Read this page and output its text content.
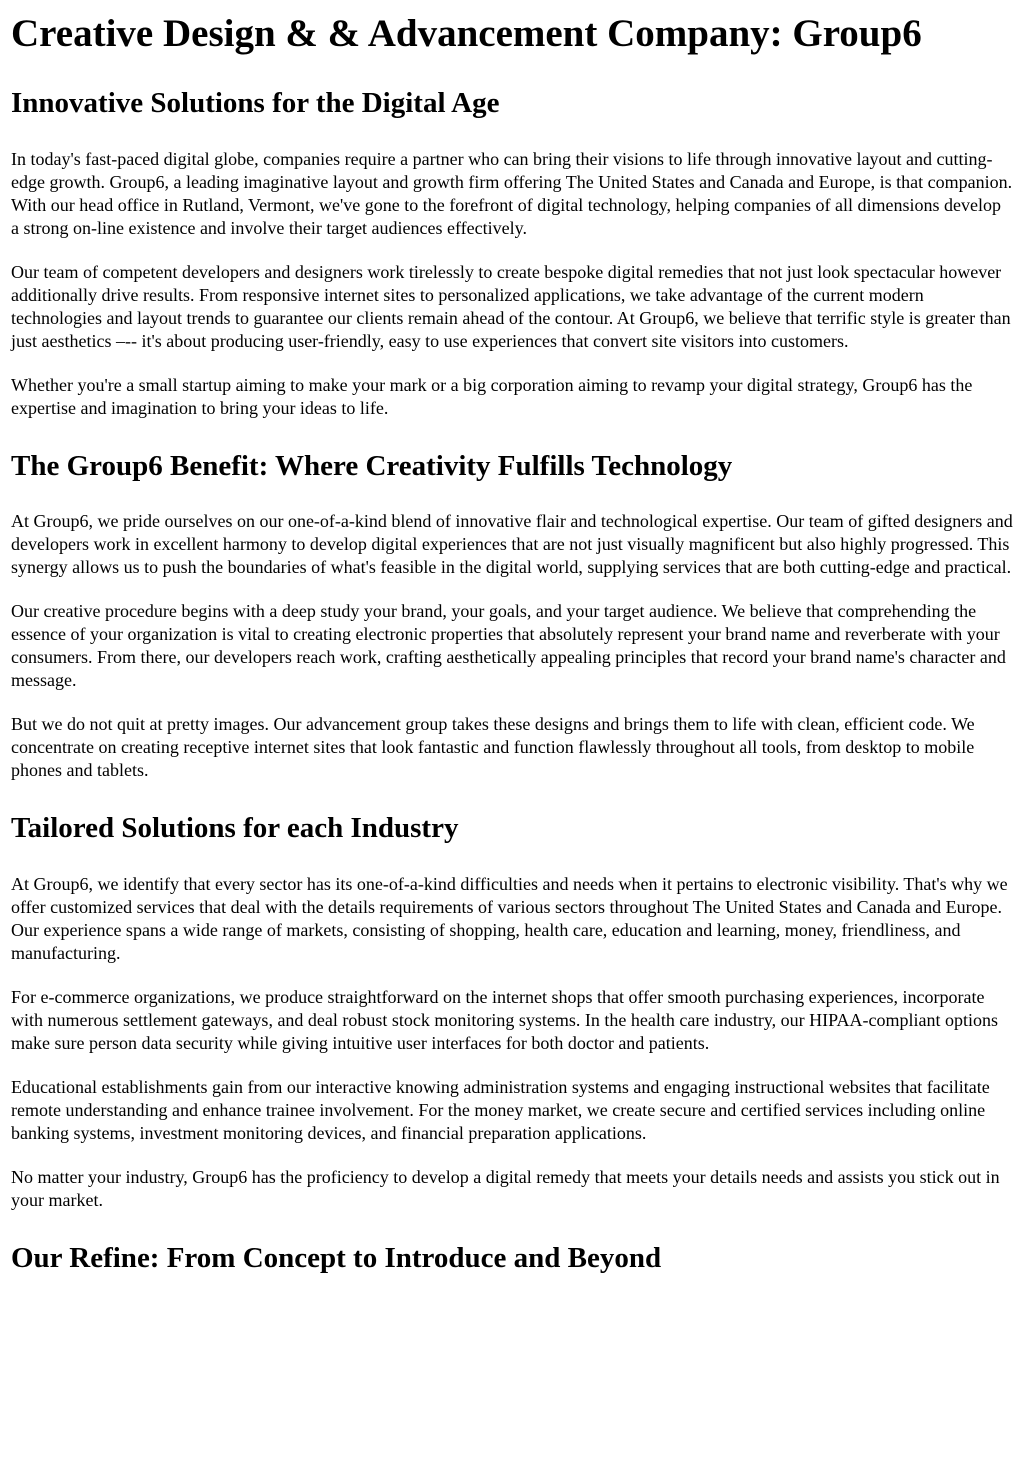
Creative Design & & Advancement Company: Group6
Innovative Solutions for the Digital Age

In today's fast-paced digital globe, companies require a partner who can bring their visions to life through innovative layout and cutting-edge growth. Group6, a leading imaginative layout and growth firm offering The United States and Canada and Europe, is that companion. With our head office in Rutland, Vermont, we've gone to the forefront of digital technology, helping companies of all dimensions develop a strong on-line existence and involve their target audiences effectively.

Our team of competent developers and designers work tirelessly to create bespoke digital remedies that not just look spectacular however additionally drive results. From responsive internet sites to personalized applications, we take advantage of the current modern technologies and layout trends to guarantee our clients remain ahead of the contour. At Group6, we believe that terrific style is greater than just aesthetics –-- it's about producing user-friendly, easy to use experiences that convert site visitors into customers.

Whether you're a small startup aiming to make your mark or a big corporation aiming to revamp your digital strategy, Group6 has the expertise and imagination to bring your ideas to life.

The Group6 Benefit: Where Creativity Fulfills Technology

At Group6, we pride ourselves on our one-of-a-kind blend of innovative flair and technological expertise. Our team of gifted designers and developers work in excellent harmony to develop digital experiences that are not just visually magnificent but also highly progressed. This synergy allows us to push the boundaries of what's feasible in the digital world, supplying services that are both cutting-edge and practical.

Our creative procedure begins with a deep study your brand, your goals, and your target audience. We believe that comprehending the essence of your organization is vital to creating electronic properties that absolutely represent your brand name and reverberate with your consumers. From there, our developers reach work, crafting aesthetically appealing principles that record your brand name's character and message.

But we do not quit at pretty images. Our advancement group takes these designs and brings them to life with clean, efficient code. We concentrate on creating receptive internet sites that look fantastic and function flawlessly throughout all tools, from desktop to mobile phones and tablets.

Tailored Solutions for each Industry

At Group6, we identify that every sector has its one-of-a-kind difficulties and needs when it pertains to electronic visibility. That's why we offer customized services that deal with the details requirements of various sectors throughout The United States and Canada and Europe. Our experience spans a wide range of markets, consisting of shopping, health care, education and learning, money, friendliness, and manufacturing.

For e-commerce organizations, we produce straightforward on the internet shops that offer smooth purchasing experiences, incorporate with numerous settlement gateways, and deal robust stock monitoring systems. In the health care industry, our HIPAA-compliant options make sure person data security while giving intuitive user interfaces for both doctor and patients.

Educational establishments gain from our interactive knowing administration systems and engaging instructional websites that facilitate remote understanding and enhance trainee involvement. For the money market, we create secure and certified services including online banking systems, investment monitoring devices, and financial preparation applications.

No matter your industry, Group6 has the proficiency to develop a digital remedy that meets your details needs and assists you stick out in your market.

Our Refine: From Concept to Introduce and Beyond
